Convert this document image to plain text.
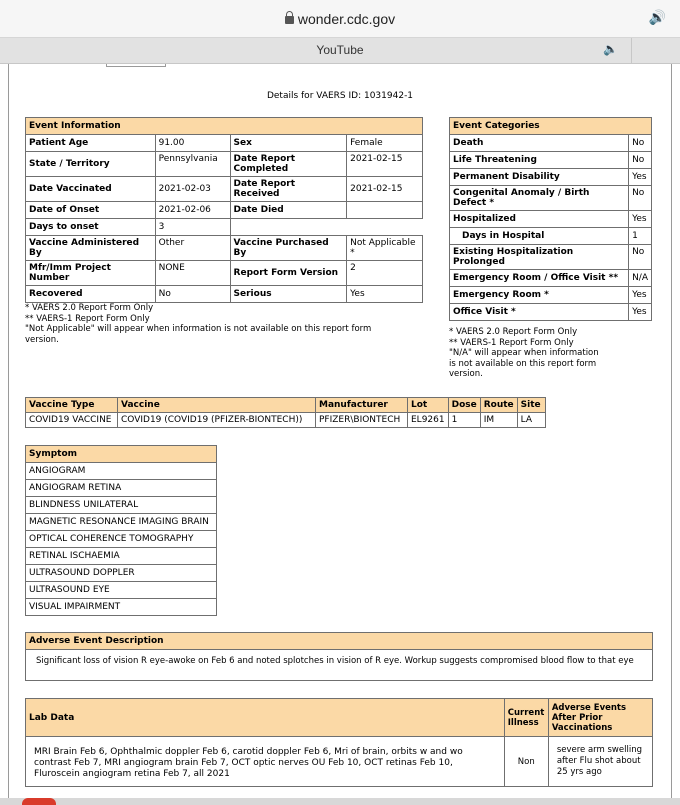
wonder.cdc.gov	🔊
YouTube	🔈
Details for VAERS ID: 1031942-1
Event Information			
Patient Age	91.00	Sex	Female
State / Territory	Pennsylvania	Date Report Completed	2021-02-15
Date Vaccinated	2021-02-03	Date Report Received	2021-02-15
Date of Onset	2021-02-06	Date Died	
Days to onset	3		
Vaccine Administered By	Other	Vaccine Purchased By	Not Applicable *
Mfr/Imm Project Number	NONE	Report Form Version	2
Recovered	No	Serious	Yes
* VAERS 2.0 Report Form Only
** VAERS-1 Report Form Only
"Not Applicable" will appear when information is not available on this report form version.
Event Categories	
Death	No
Life Threatening	No
Permanent Disability	Yes
Congenital Anomaly / Birth Defect *	No
Hospitalized	Yes
Days in Hospital	1
Existing Hospitalization Prolonged	No
Emergency Room / Office Visit **	N/A
Emergency Room *	Yes
Office Visit *	Yes
* VAERS 2.0 Report Form Only
** VAERS-1 Report Form Only
"N/A" will appear when information is not available on this report form version.
Vaccine Type	Vaccine	Manufacturer	Lot	Dose	Route	Site
COVID19 VACCINE	COVID19 (COVID19 (PFIZER-BIONTECH))	PFIZER\BIONTECH	EL9261	1	IM	LA
Symptom
ANGIOGRAM
ANGIOGRAM RETINA
BLINDNESS UNILATERAL
MAGNETIC RESONANCE IMAGING BRAIN
OPTICAL COHERENCE TOMOGRAPHY
RETINAL ISCHAEMIA
ULTRASOUND DOPPLER
ULTRASOUND EYE
VISUAL IMPAIRMENT
Adverse Event Description
Significant loss of vision R eye-awoke on Feb 6 and noted splotches in vision of R eye. Workup suggests compromised blood flow to that eye
Lab Data	Current Illness	Adverse Events After Prior Vaccinations
MRI Brain Feb 6, Ophthalmic doppler Feb 6, carotid doppler Feb 6, Mri of brain, orbits w and wo contrast Feb 7, MRI angiogram brain Feb 7, OCT optic nerves OU Feb 10, OCT retinas Feb 10, Fluroscein angiogram retina Feb 7, all 2021	Non	severe arm swelling after Flu shot about 25 yrs ago
